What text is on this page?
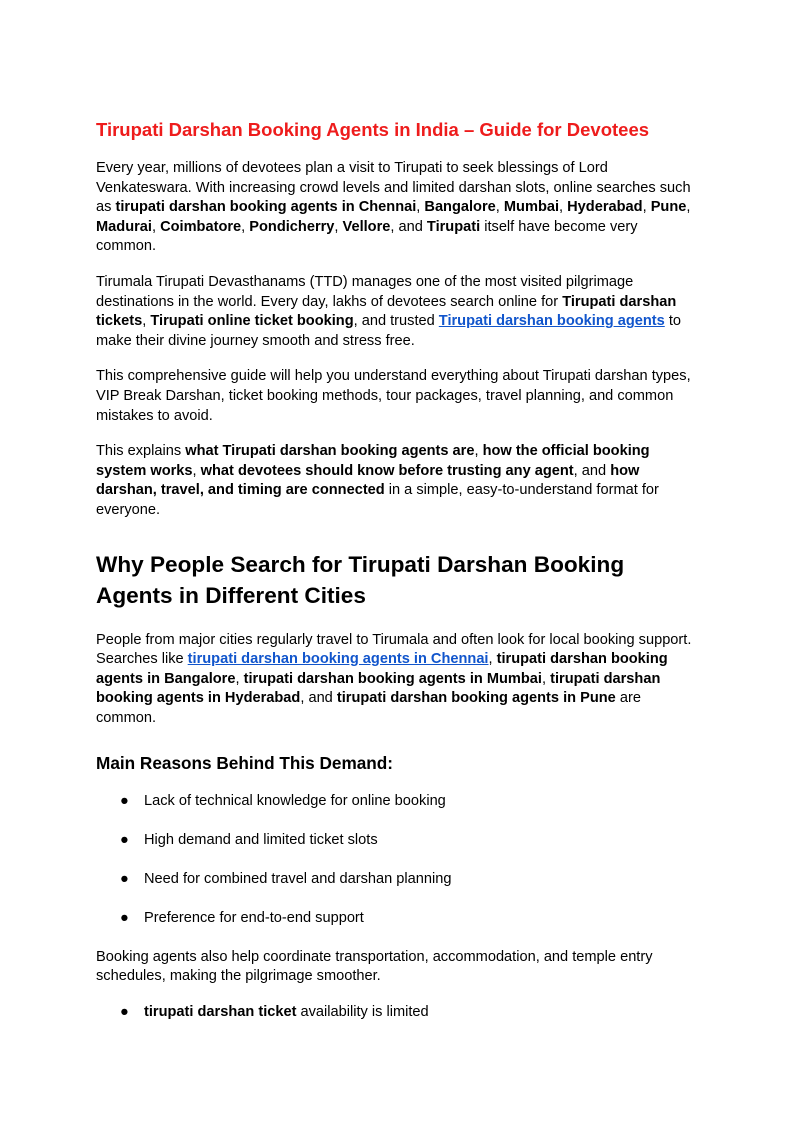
Tirupati Darshan Booking Agents in India – Guide for Devotees

Every year, millions of devotees plan a visit to Tirupati to seek blessings of Lord Venkateswara. With increasing crowd levels and limited darshan slots, online searches such as tirupati darshan booking agents in Chennai, Bangalore, Mumbai, Hyderabad, Pune, Madurai, Coimbatore, Pondicherry, Vellore, and Tirupati itself have become very common.

Tirumala Tirupati Devasthanams (TTD) manages one of the most visited pilgrimage destinations in the world. Every day, lakhs of devotees search online for Tirupati darshan tickets, Tirupati online ticket booking, and trusted Tirupati darshan booking agents to make their divine journey smooth and stress free.

This comprehensive guide will help you understand everything about Tirupati darshan types, VIP Break Darshan, ticket booking methods, tour packages, travel planning, and common mistakes to avoid.

This explains what Tirupati darshan booking agents are, how the official booking system works, what devotees should know before trusting any agent, and how darshan, travel, and timing are connected in a simple, easy-to-understand format for everyone.

Why People Search for Tirupati Darshan Booking Agents in Different Cities

People from major cities regularly travel to Tirumala and often look for local booking support. Searches like tirupati darshan booking agents in Chennai, tirupati darshan booking agents in Bangalore, tirupati darshan booking agents in Mumbai, tirupati darshan booking agents in Hyderabad, and tirupati darshan booking agents in Pune are common.

Main Reasons Behind This Demand:
● Lack of technical knowledge for online booking
● High demand and limited ticket slots
● Need for combined travel and darshan planning
● Preference for end-to-end support

Booking agents also help coordinate transportation, accommodation, and temple entry schedules, making the pilgrimage smoother.

● tirupati darshan ticket availability is limited
